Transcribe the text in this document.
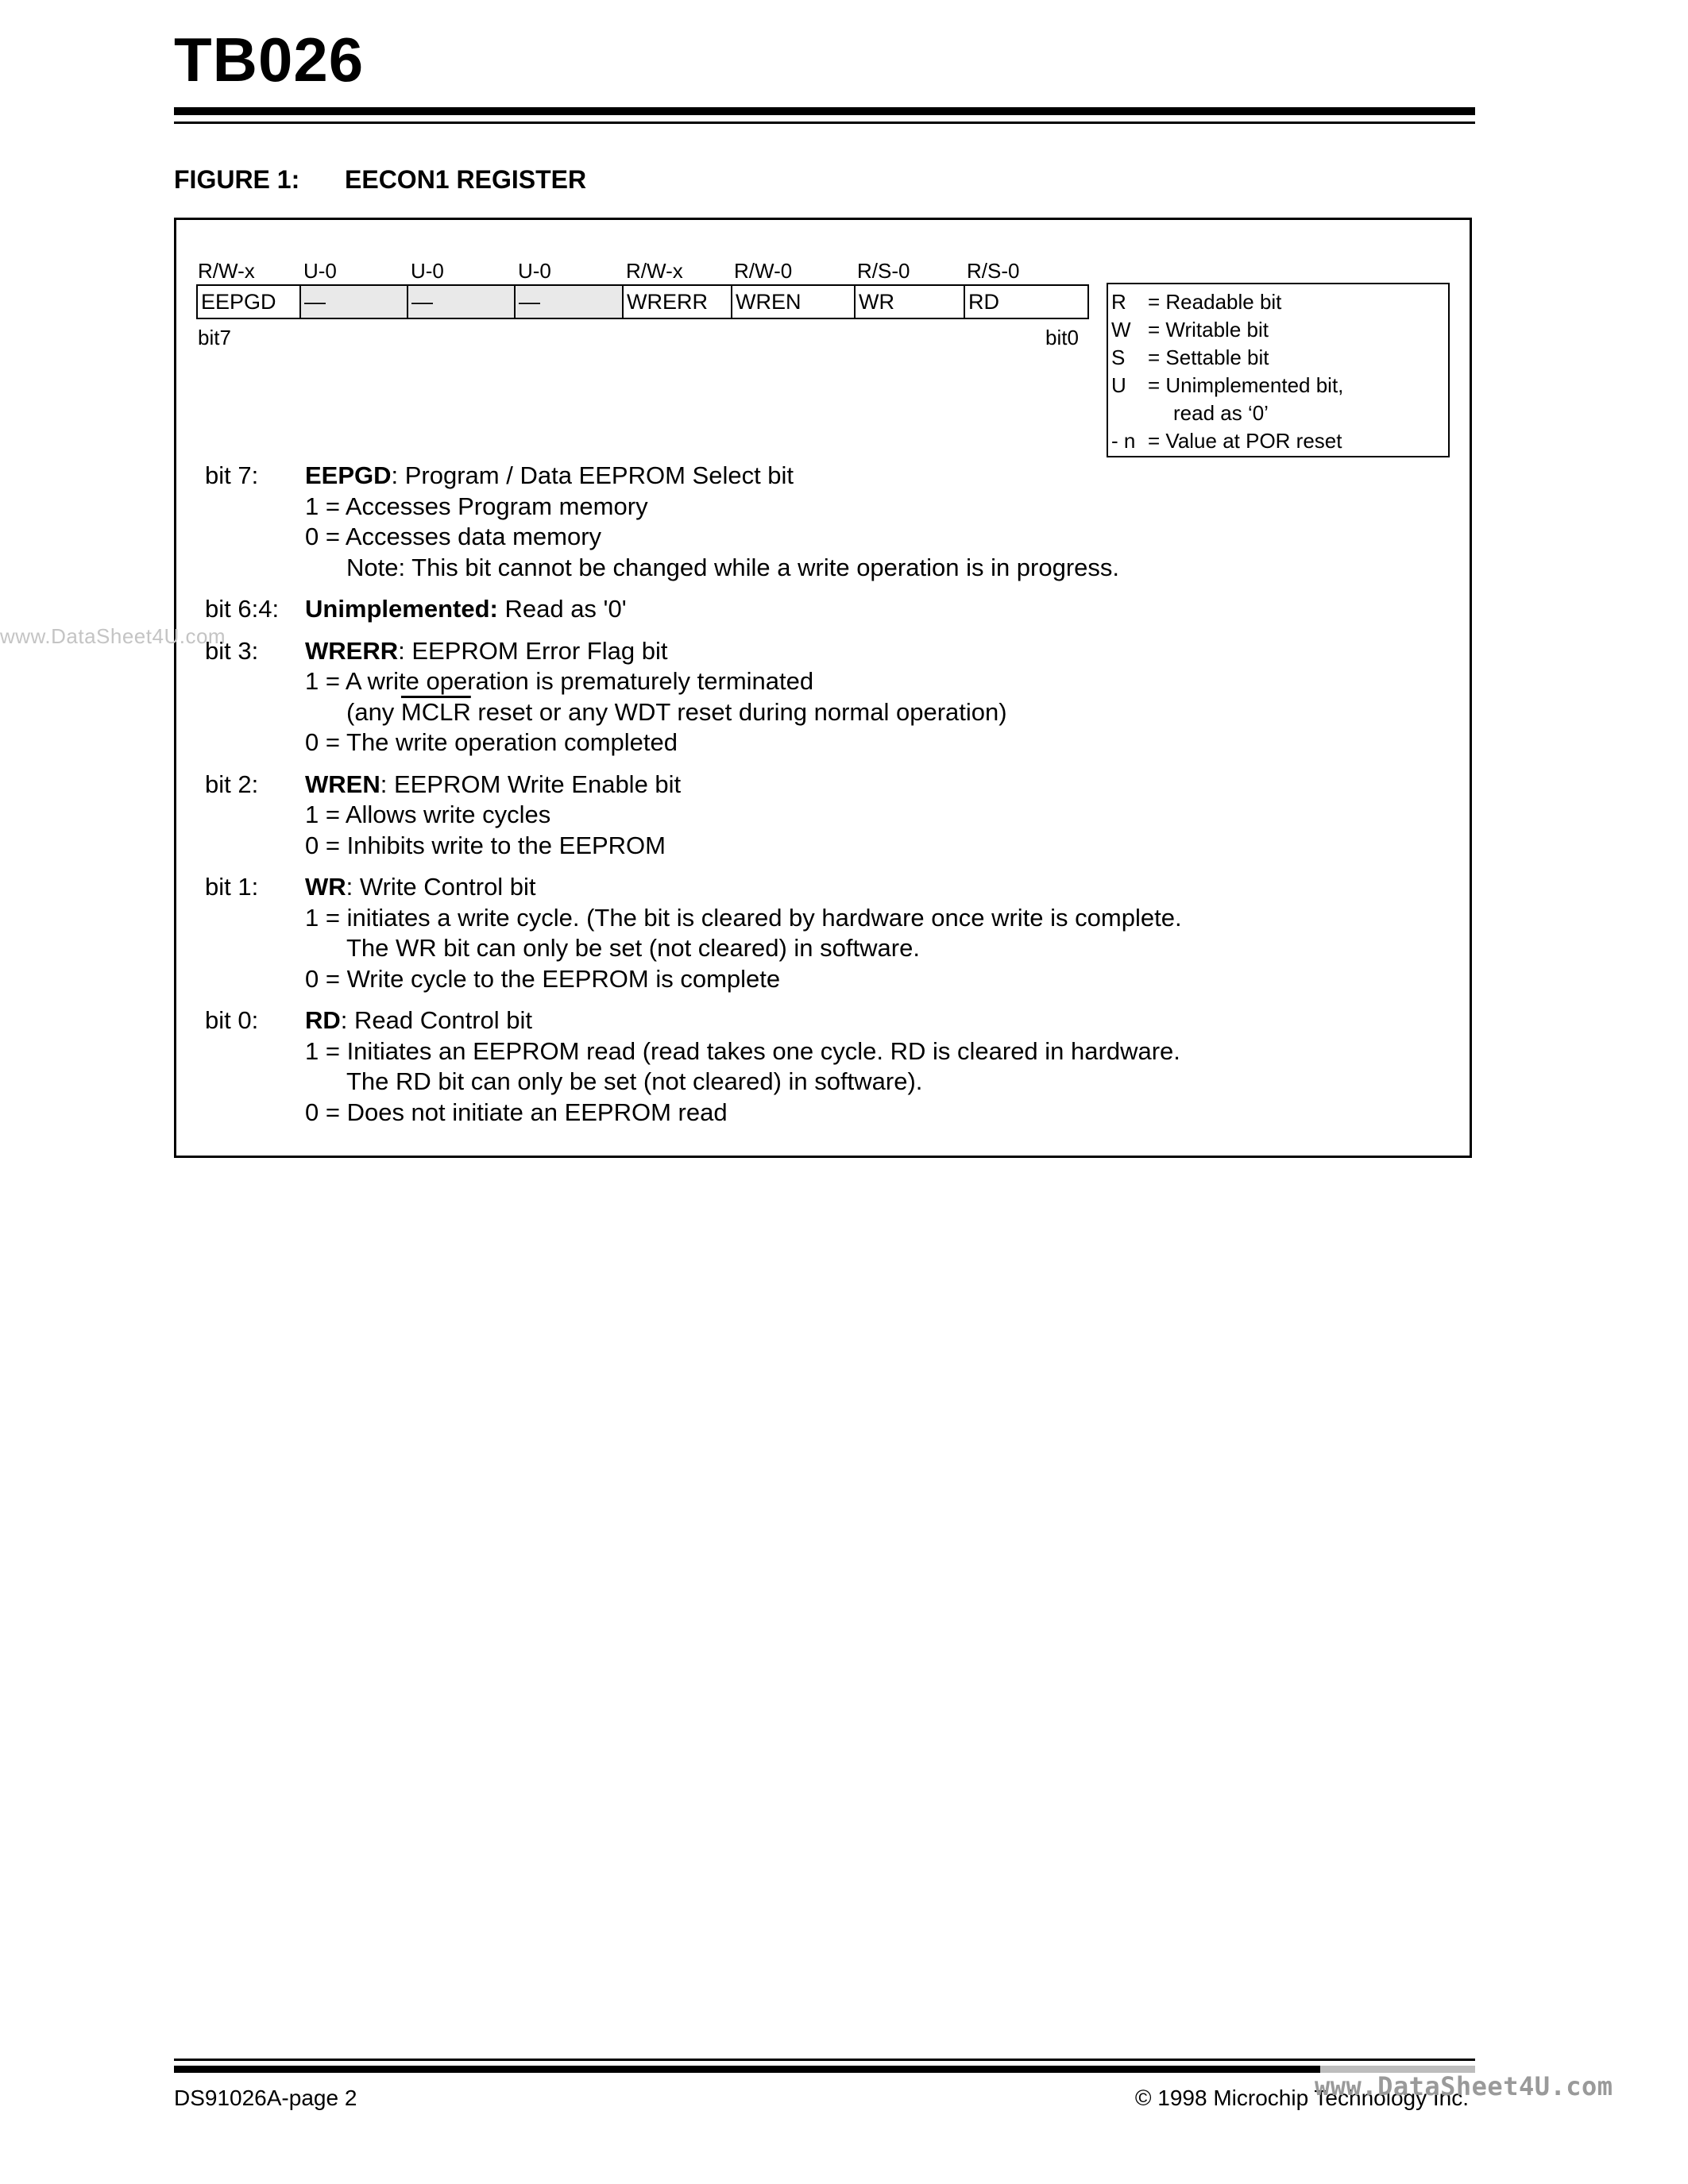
TB026
FIGURE 1: EECON1 REGISTER
R/W-x U-0	U-0	U-0	R/W-x R/W-0	R/S-0	R/S-0
EEPGD	—	—	—	WRERR	WREN	WR	RD
bit7	bit0
R	= Readable bit
W = Writable bit
S	= Settable bit
U	= Unimplemented bit,
read as ‘0’
- n = Value at POR reset
bit 7:	EEPGD: Program / Data EEPROM Select bit
1 = Accesses Program memory
0 = Accesses data memory
Note: This bit cannot be changed while a write operation is in progress.
bit 6:4:	Unimplemented: Read as '0'
bit 3:	WRERR: EEPROM Error Flag bit
1 = A write operation is prematurely terminated
(any MCLR reset or any WDT reset during normal operation)
0 = The write operation completed
bit 2:	WREN: EEPROM Write Enable bit
1 = Allows write cycles
0 = Inhibits write to the EEPROM
bit 1:	WR: Write Control bit
1 = initiates a write cycle. (The bit is cleared by hardware once write is complete.
The WR bit can only be set (not cleared) in software.
0 = Write cycle to the EEPROM is complete
bit 0:	RD: Read Control bit
1 = Initiates an EEPROM read (read takes one cycle. RD is cleared in hardware.
The RD bit can only be set (not cleared) in software).
0 = Does not initiate an EEPROM read
www.DataSheet4U.com
DS91026A-page 2	© 1998 Microchip Technology Inc.
www.DataSheet4U.com
